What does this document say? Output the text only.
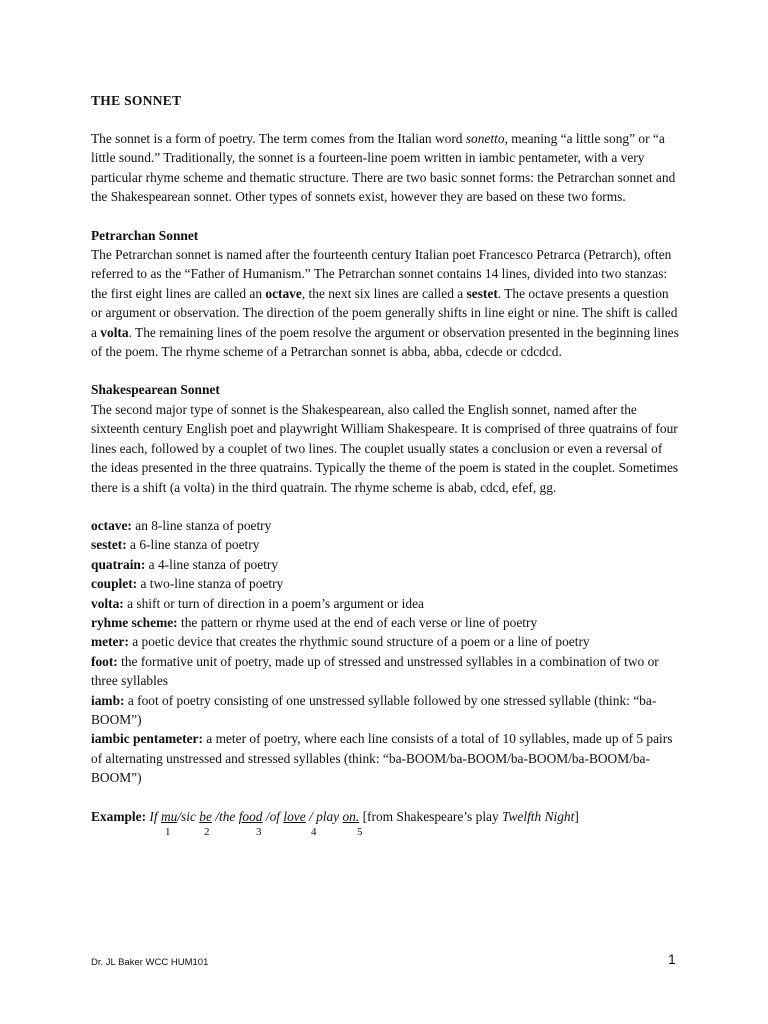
THE SONNET

The sonnet is a form of poetry. The term comes from the Italian word sonetto, meaning “a little song” or “a little sound.” Traditionally, the sonnet is a fourteen-line poem written in iambic pentameter, with a very particular rhyme scheme and thematic structure. There are two basic sonnet forms: the Petrarchan sonnet and the Shakespearean sonnet. Other types of sonnets exist, however they are based on these two forms.

Petrarchan Sonnet

The Petrarchan sonnet is named after the fourteenth century Italian poet Francesco Petrarca (Petrarch), often referred to as the “Father of Humanism.” The Petrarchan sonnet contains 14 lines, divided into two stanzas: the first eight lines are called an octave, the next six lines are called a sestet. The octave presents a question or argument or observation. The direction of the poem generally shifts in line eight or nine. The shift is called a volta. The remaining lines of the poem resolve the argument or observation presented in the beginning lines of the poem. The rhyme scheme of a Petrarchan sonnet is abba, abba, cdecde or cdcdcd.

Shakespearean Sonnet

The second major type of sonnet is the Shakespearean, also called the English sonnet, named after the sixteenth century English poet and playwright William Shakespeare. It is comprised of three quatrains of four lines each, followed by a couplet of two lines. The couplet usually states a conclusion or even a reversal of the ideas presented in the three quatrains. Typically the theme of the poem is stated in the couplet. Sometimes there is a shift (a volta) in the third quatrain. The rhyme scheme is abab, cdcd, efef, gg.

octave: an 8-line stanza of poetry
sestet: a 6-line stanza of poetry
quatrain: a 4-line stanza of poetry
couplet: a two-line stanza of poetry
volta: a shift or turn of direction in a poem’s argument or idea
ryhme scheme: the pattern or rhyme used at the end of each verse or line of poetry
meter: a poetic device that creates the rhythmic sound structure of a poem or a line of poetry
foot: the formative unit of poetry, made up of stressed and unstressed syllables in a combination of two or three syllables
iamb: a foot of poetry consisting of one unstressed syllable followed by one stressed syllable (think: “ba-BOOM”)
iambic pentameter: a meter of poetry, where each line consists of a total of 10 syllables, made up of 5 pairs of alternating unstressed and stressed syllables (think: “ba-BOOM/ba-BOOM/ba-BOOM/ba-BOOM/ba-BOOM”)
Example: If mu/sic be /the food /of love / play on. [from Shakespeare’s play Twelfth Night]
1	2	3	4	5
Dr. JL Baker WCC HUM101	1
